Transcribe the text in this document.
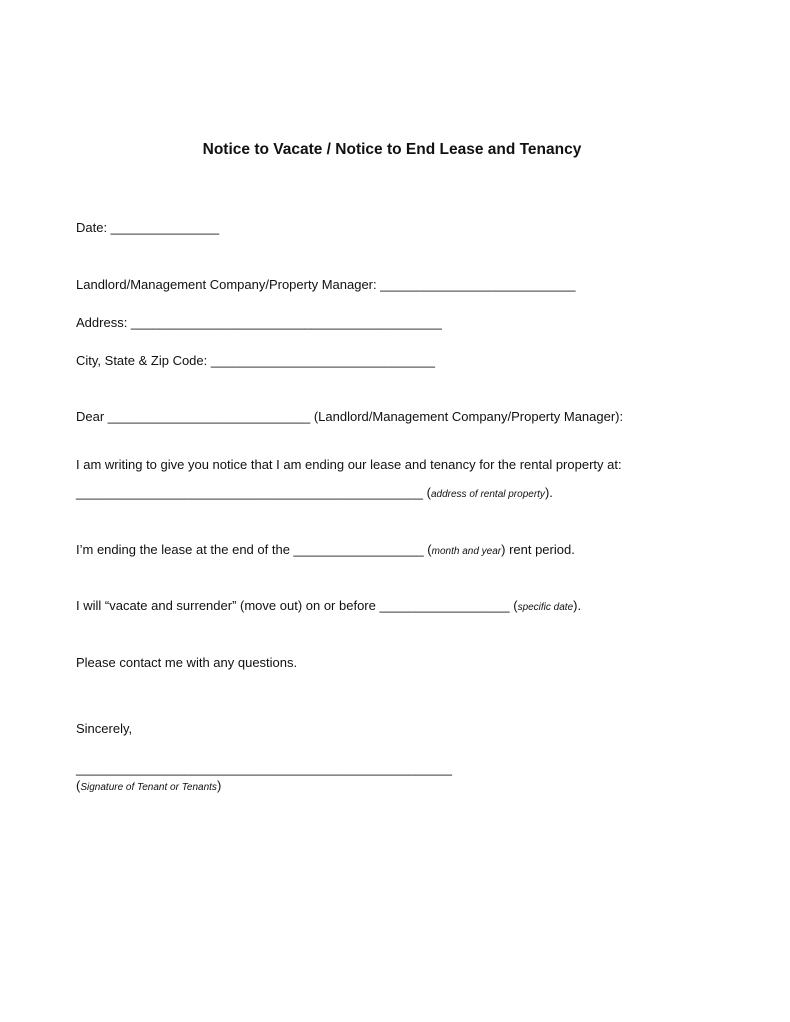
Notice to Vacate / Notice to End Lease and Tenancy
Date: _______________
Landlord/Management Company/Property Manager: ___________________________
Address: ___________________________________________
City, State & Zip Code: _______________________________
Dear ____________________________ (Landlord/Management Company/Property Manager):
I am writing to give you notice that I am ending our lease and tenancy for the rental property at:
________________________________________________ (address of rental property).
I’m ending the lease at the end of the __________________ (month and year) rent period.
I will “vacate and surrender” (move out) on or before __________________ (specific date).
Please contact me with any questions.
Sincerely,
____________________________________________________
(Signature of Tenant or Tenants)
